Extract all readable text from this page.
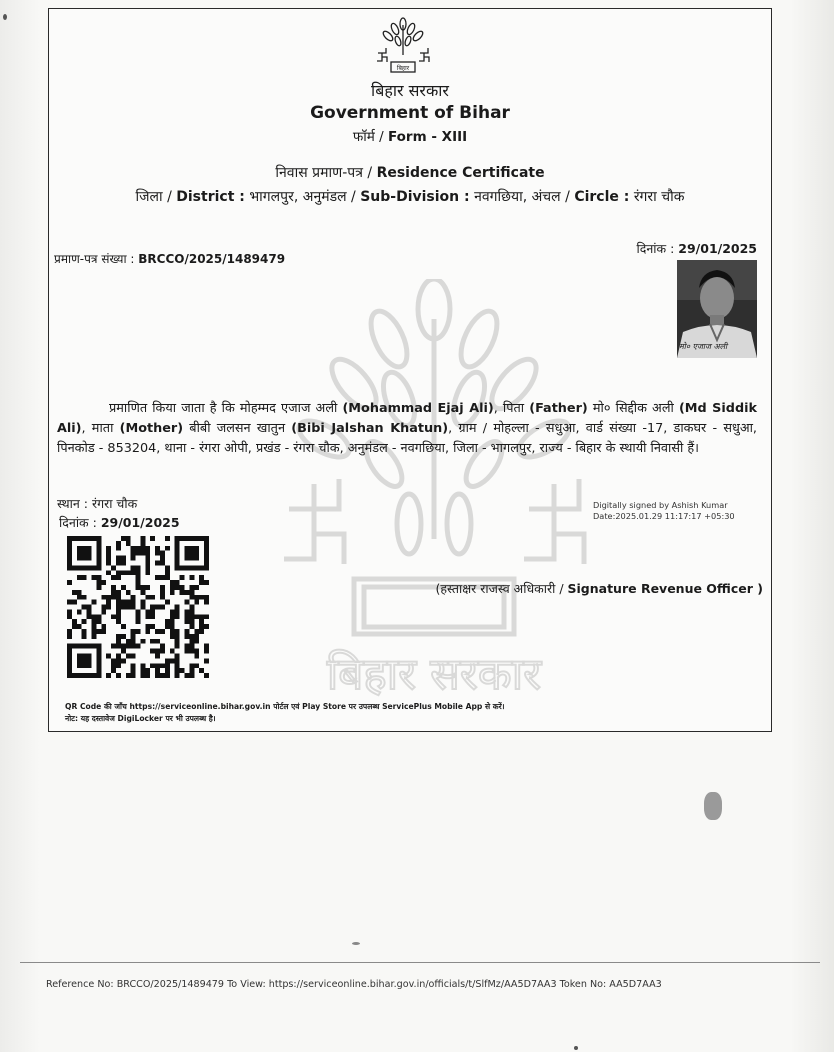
बिहार सरकार
बिहार
बिहार सरकार
Government of Bihar
फॉर्म / Form - XIII
निवास प्रमाण-पत्र / Residence Certificate
जिला / District : भागलपुर, अनुमंडल / Sub-Division : नवगछिया, अंचल / Circle : रंगरा चौक
प्रमाण-पत्र संख्या : BRCCO/2025/1489479
दिनांक : 29/01/2025
मो० एजाज अली
प्रमाणित किया जाता है कि मोहम्मद एजाज अली (Mohammad Ejaj Ali), पिता (Father) मो० सिद्दीक अली (Md Siddik Ali), माता (Mother) बीबी जलसन खातुन (Bibi Jalshan Khatun), ग्राम / मोहल्ला - सधुआ, वार्ड संख्या -17, डाकघर - सधुआ, पिनकोड - 853204, थाना - रंगरा ओपी, प्रखंड - रंगरा चौक, अनुमंडल - नवगछिया, जिला - भागलपुर, राज्य - बिहार के स्थायी निवासी हैं।
स्थान : रंगरा चौक
दिनांक : 29/01/2025
Digitally signed by Ashish Kumar
Date:2025.01.29 11:17:17 +05:30
(हस्ताक्षर राजस्व अधिकारी / Signature Revenue Officer )
QR Code की जाँच https://serviceonline.bihar.gov.in पोर्टल एवं Play Store पर उपलब्ध ServicePlus Mobile App से करें।
नोट: यह दस्तावेज DigiLocker पर भी उपलब्ध है।
Reference No: BRCCO/2025/1489479 To View: https://serviceonline.bihar.gov.in/officials/t/SlfMz/AA5D7AA3 Token No: AA5D7AA3
